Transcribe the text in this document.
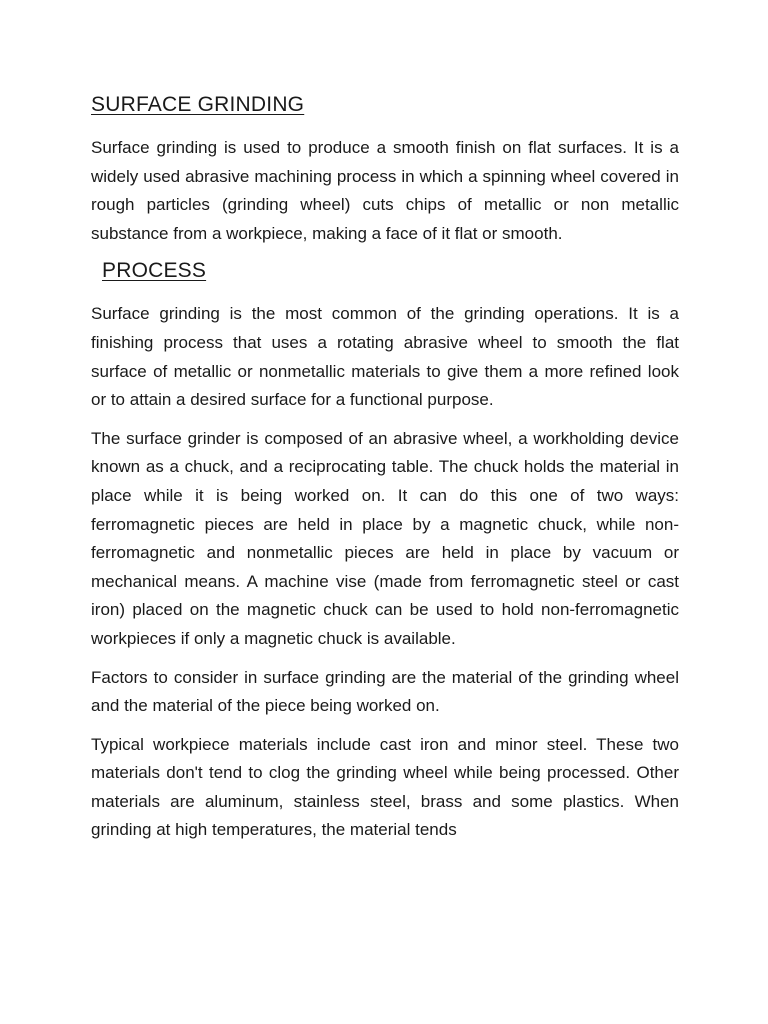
SURFACE GRINDING

Surface grinding is used to produce a smooth finish on flat surfaces. It is a widely used abrasive machining process in which a spinning wheel covered in rough particles (grinding wheel) cuts chips of metallic or non metallic substance from a workpiece, making a face of it flat or smooth.

PROCESS

Surface grinding is the most common of the grinding operations. It is a finishing process that uses a rotating abrasive wheel to smooth the flat surface of metallic or nonmetallic materials to give them a more refined look or to attain a desired surface for a functional purpose.

The surface grinder is composed of an abrasive wheel, a workholding device known as a chuck, and a reciprocating table. The chuck holds the material in place while it is being worked on. It can do this one of two ways: ferromagnetic pieces are held in place by a magnetic chuck, while non-ferromagnetic and nonmetallic pieces are held in place by vacuum or mechanical means. A machine vise (made from ferromagnetic steel or cast iron) placed on the magnetic chuck can be used to hold non-ferromagnetic workpieces if only a magnetic chuck is available.

Factors to consider in surface grinding are the material of the grinding wheel and the material of the piece being worked on.

Typical workpiece materials include cast iron and minor steel. These two materials don't tend to clog the grinding wheel while being processed. Other materials are aluminum, stainless steel, brass and some plastics. When grinding at high temperatures, the material tends
